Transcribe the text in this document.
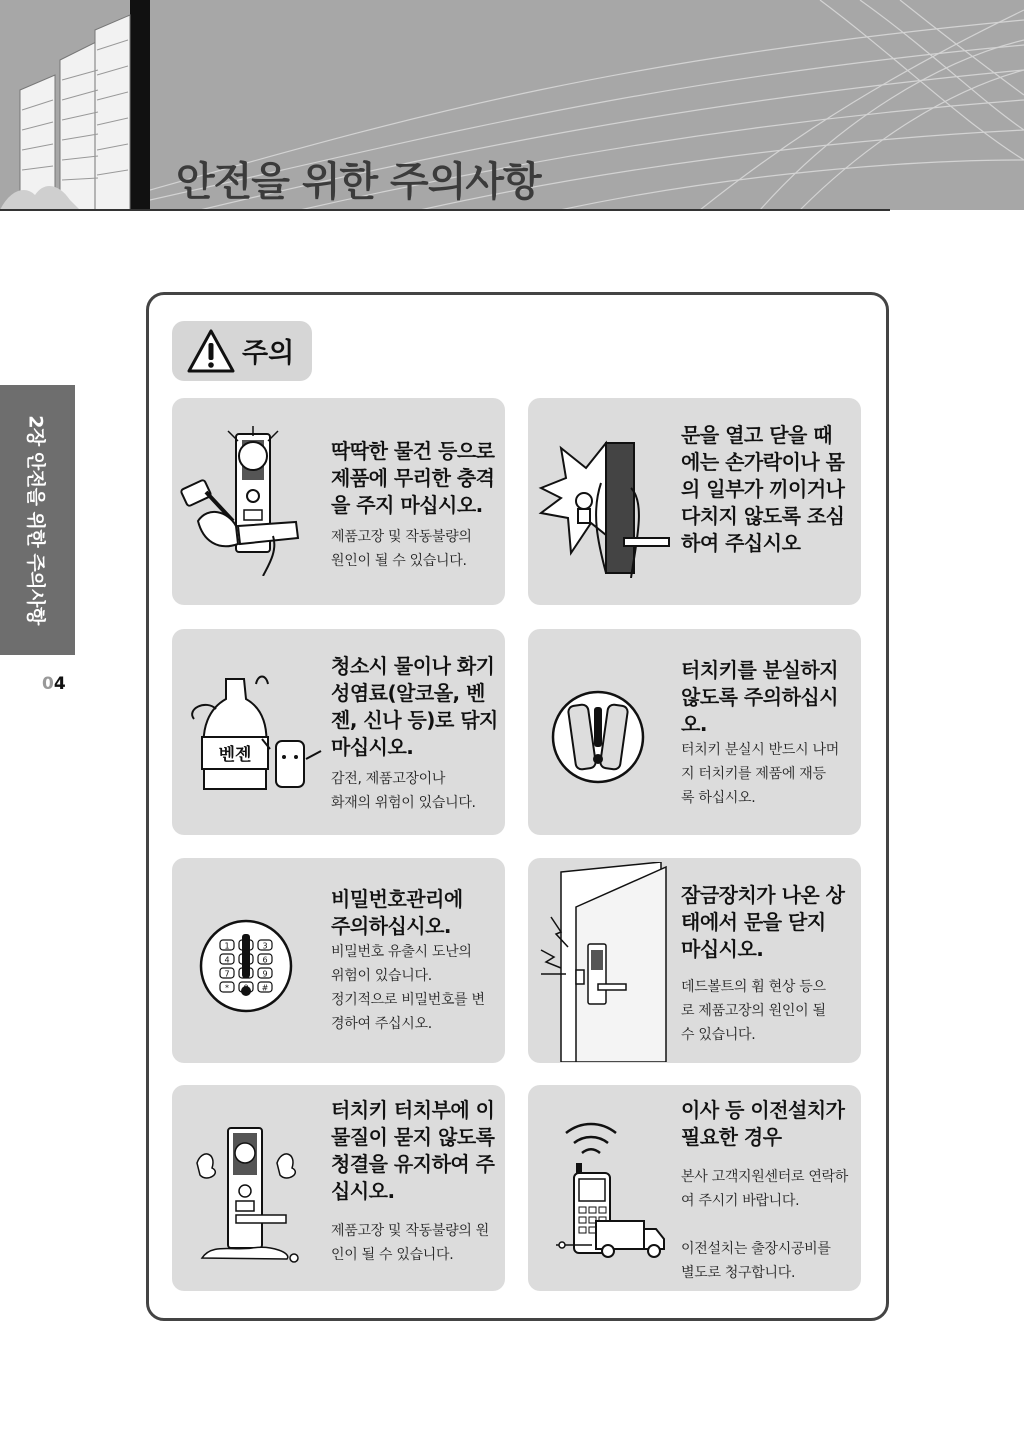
안전을 위한 주의사항
2장 안전을 위한 주의사항
04
주의
딱딱한 물건 등으로
제품에 무리한 충격
을 주지 마십시오.
제품고장 및 작동불량의
원인이 될 수 있습니다.
문을 열고 닫을 때
에는 손가락이나 몸
의 일부가 끼이거나
다치지 않도록 조심
하여 주십시오
벤젠
청소시 물이나 화기
성염료(알코올, 벤
젠, 신나 등)로 닦지
마십시오.
감전, 제품고장이나
화재의 위험이 있습니다.
터치키를 분실하지
않도록 주의하십시
오.
터치키 분실시 반드시 나머
지 터치키를 제품에 재등
록 하십시오.
1	3
4	6
7	9
*	#
비밀번호관리에
주의하십시오.
비밀번호 유출시 도난의
위험이 있습니다.
정기적으로 비밀번호를 변
경하여 주십시오.
잠금장치가 나온 상
태에서 문을 닫지
마십시오.
데드볼트의 휨 현상 등으
로 제품고장의 원인이 될
수 있습니다.
터치키 터치부에 이
물질이 묻지 않도록
청결을 유지하여 주
십시오.
제품고장 및 작동불량의 원
인이 될 수 있습니다.
이사 등 이전설치가
필요한 경우
본사 고객지원센터로 연락하
여 주시기 바랍니다.
이전설치는 출장시공비를
별도로 청구합니다.
